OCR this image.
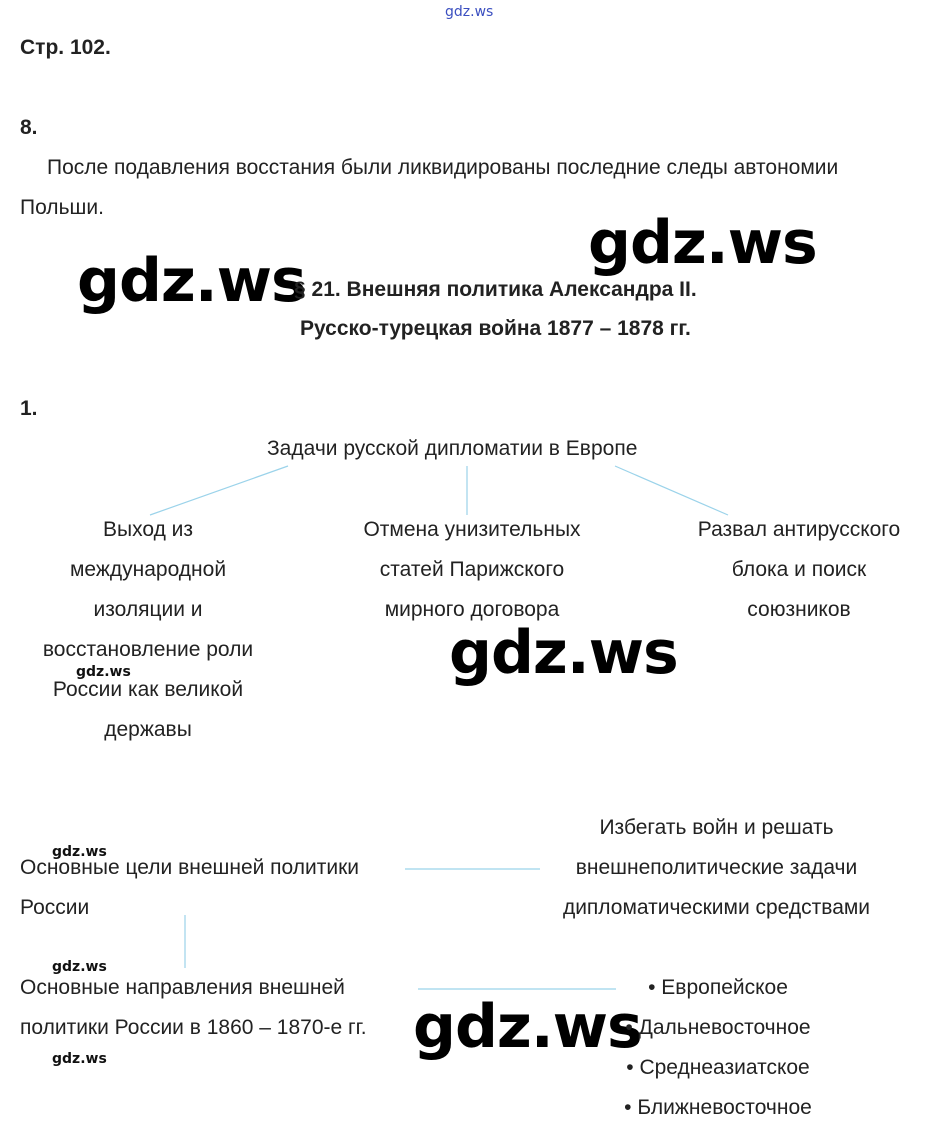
gdz.ws
gdz.ws
gdz.ws
gdz.ws
gdz.ws
gdz.ws
gdz.ws
gdz.ws
gdz.ws
Стр. 102.
8.
После подавления восстания были ликвидированы последние следы автономии
Польши.
§ 21. Внешняя политика Александра II.
Русско-турецкая война 1877 – 1878 гг.
1.
Задачи русской дипломатии в Европе
Выход из
международной
изоляции и
восстановление роли
России как великой
державы
Отмена унизительных
статей Парижского
мирного договора
Развал антирусского
блока и поиск
союзников
Основные цели внешней политики
России
Избегать войн и решать
внешнеполитические задачи
дипломатическими средствами
Основные направления внешней
политики России в 1860 – 1870-е гг.
• Европейское
• Дальневосточное
• Среднеазиатское
• Ближневосточное
